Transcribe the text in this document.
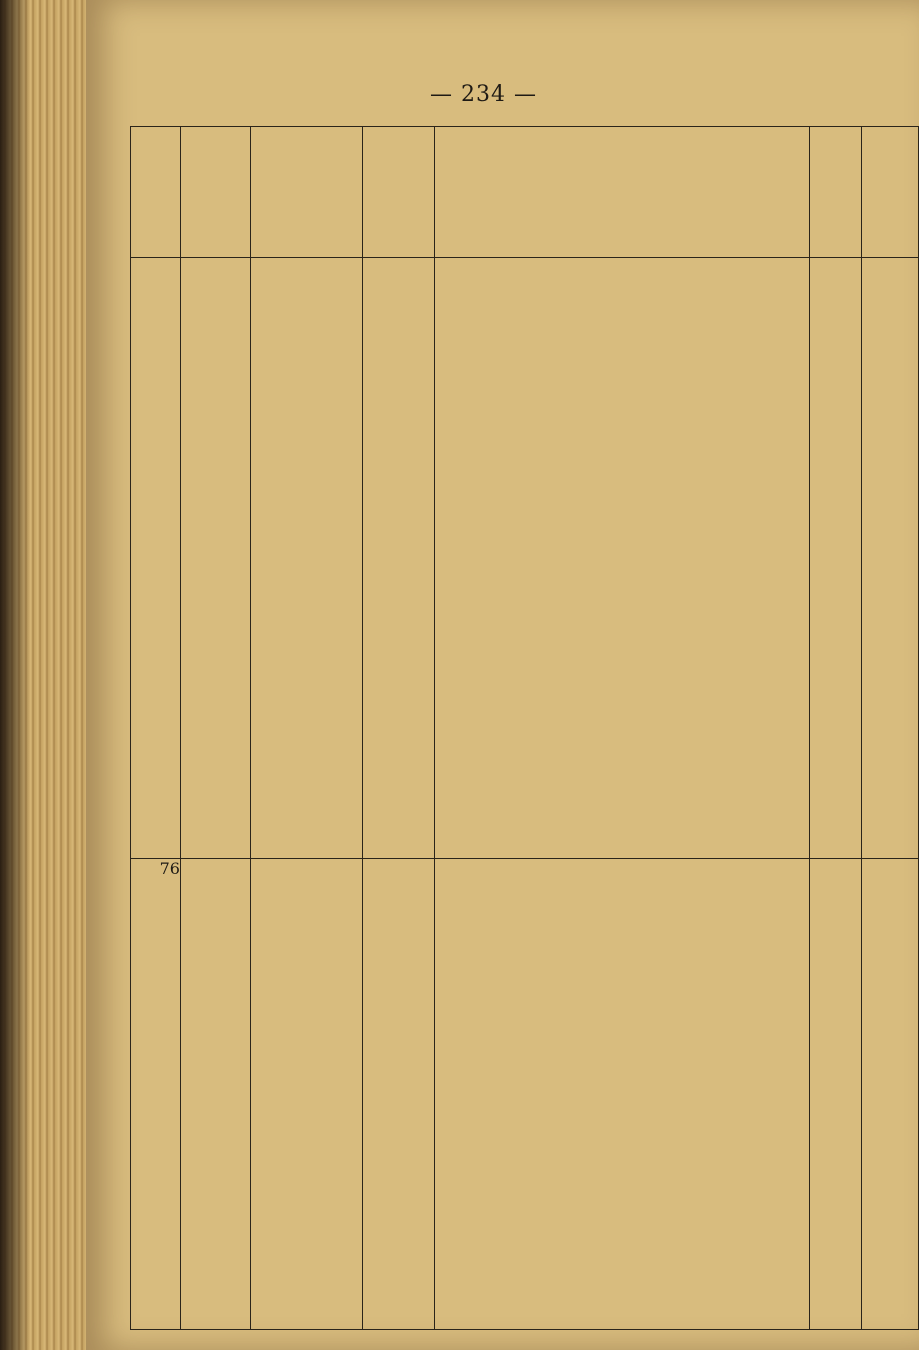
— 234 —

76						
